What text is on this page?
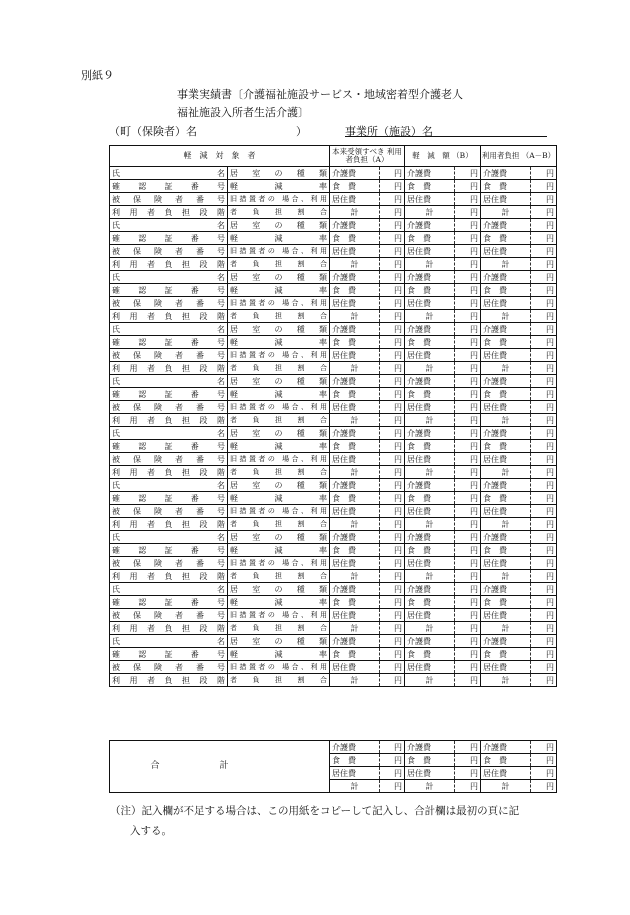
別紙９
事業実績書〔介護福祉施設サービス・地域密着型介護老人
福祉施設入所者生活介護〕
（町（保険者）名	）	事業所（施設）名
軽　減　対　象　者		本来受領すべき 利用者負担（A）		軽　減　額 （B）		利用者負担 （A－B）	
氏　　　　名	居室の種類	介護費	円	介護費	円	介護費	円
確　認　証　番　号	軽　減　率	食　費	円	食　費	円	食　費	円
被保険者番号	旧措置者の 場合、利用	居住費	円	居住費	円	居住費	円
利用者負担段階	者負担割合	計	円	計	円	計	円
氏　　　　名	居室の種類	介護費	円	介護費	円	介護費	円
確　認　証　番　号	軽　減　率	食　費	円	食　費	円	食　費	円
被保険者番号	旧措置者の 場合、利用	居住費	円	居住費	円	居住費	円
利用者負担段階	者負担割合	計	円	計	円	計	円
氏　　　　名	居室の種類	介護費	円	介護費	円	介護費	円
確　認　証　番　号	軽　減　率	食　費	円	食　費	円	食　費	円
被保険者番号	旧措置者の 場合、利用	居住費	円	居住費	円	居住費	円
利用者負担段階	者負担割合	計	円	計	円	計	円
氏　　　　名	居室の種類	介護費	円	介護費	円	介護費	円
確　認　証　番　号	軽　減　率	食　費	円	食　費	円	食　費	円
被保険者番号	旧措置者の 場合、利用	居住費	円	居住費	円	居住費	円
利用者負担段階	者負担割合	計	円	計	円	計	円
氏　　　　名	居室の種類	介護費	円	介護費	円	介護費	円
確　認　証　番　号	軽　減　率	食　費	円	食　費	円	食　費	円
被保険者番号	旧措置者の 場合、利用	居住費	円	居住費	円	居住費	円
利用者負担段階	者負担割合	計	円	計	円	計	円
氏　　　　名	居室の種類	介護費	円	介護費	円	介護費	円
確　認　証　番　号	軽　減　率	食　費	円	食　費	円	食　費	円
被保険者番号	旧措置者の 場合、利用	居住費	円	居住費	円	居住費	円
利用者負担段階	者負担割合	計	円	計	円	計	円
氏　　　　名	居室の種類	介護費	円	介護費	円	介護費	円
確　認　証　番　号	軽　減　率	食　費	円	食　費	円	食　費	円
被保険者番号	旧措置者の 場合、利用	居住費	円	居住費	円	居住費	円
利用者負担段階	者負担割合	計	円	計	円	計	円
氏　　　　名	居室の種類	介護費	円	介護費	円	介護費	円
確　認　証　番　号	軽　減　率	食　費	円	食　費	円	食　費	円
被保険者番号	旧措置者の 場合、利用	居住費	円	居住費	円	居住費	円
利用者負担段階	者負担割合	計	円	計	円	計	円
氏　　　　名	居室の種類	介護費	円	介護費	円	介護費	円
確　認　証　番　号	軽　減　率	食　費	円	食　費	円	食　費	円
被保険者番号	旧措置者の 場合、利用	居住費	円	居住費	円	居住費	円
利用者負担段階	者負担割合	計	円	計	円	計	円
氏　　　　名	居室の種類	介護費	円	介護費	円	介護費	円
確　認　証　番　号	軽　減　率	食　費	円	食　費	円	食　費	円
被保険者番号	旧措置者の 場合、利用	居住費	円	居住費	円	居住費	円
利用者負担段階	者負担割合	計	円	計	円	計	円
合計	介護費	円	介護費	円	介護費	円
	食　費	円	食　費	円	食　費	円
	居住費	円	居住費	円	居住費	円
	計	円	計	円	計	円
（注）記入欄が不足する場合は、この用紙をコピーして記入し、合計欄は最初の頁に記
入する。
